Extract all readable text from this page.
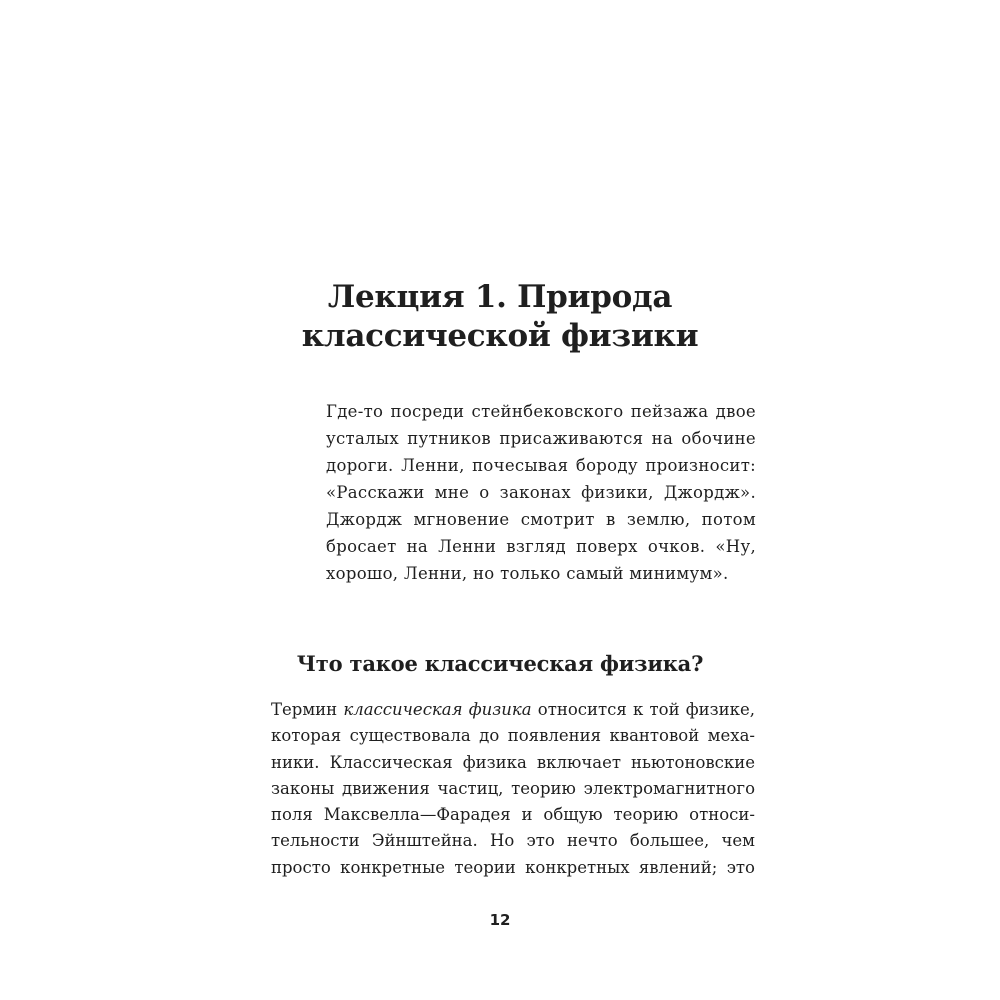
Лекция 1. Природа
классической физики
Где-то посреди стейнбековского пейзажа двое
усталых путников присаживаются на обочине
дороги. Ленни, почесывая бороду произносит:
«Расскажи мне о законах физики, Джордж».
Джордж мгновение смотрит в землю, потом
бросает на Ленни взгляд поверх очков. «Ну,
хорошо, Ленни, но только самый минимум».
Что такое классическая физика?
Термин классическая физика относится к той физике,
которая существовала до появления квантовой меха-
ники. Классическая физика включает ньютоновские
законы движения частиц, теорию электромагнитного
поля Максвелла—Фарадея и общую теорию относи-
тельности Эйнштейна. Но это нечто большее, чем
просто конкретные теории конкретных явлений; это
12
